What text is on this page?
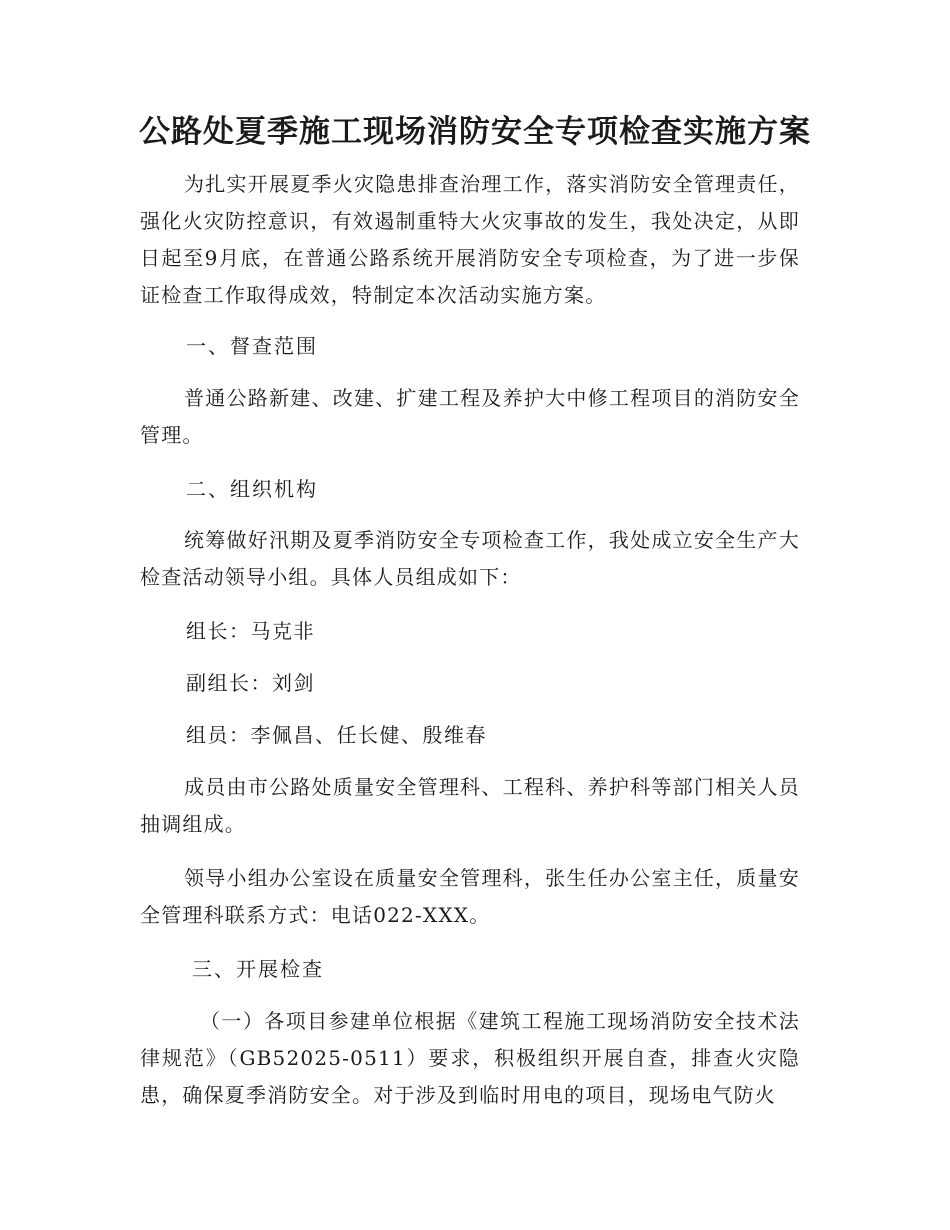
公路处夏季施工现场消防安全专项检查实施方案

为扎实开展夏季火灾隐患排查治理工作，落实消防安全管理责任，强化火灾防控意识，有效遏制重特大火灾事故的发生，我处决定，从即日起至9月底，在普通公路系统开展消防安全专项检查，为了进一步保证检查工作取得成效，特制定本次活动实施方案。

一、督查范围

普通公路新建、改建、扩建工程及养护大中修工程项目的消防安全管理。

二、组织机构

统筹做好汛期及夏季消防安全专项检查工作，我处成立安全生产大检查活动领导小组。具体人员组成如下：

组长：马克非

副组长：刘剑

组员：李佩昌、任长健、殷维春

成员由市公路处质量安全管理科、工程科、养护科等部门相关人员抽调组成。

领导小组办公室设在质量安全管理科，张生任办公室主任，质量安全管理科联系方式：电话022-XXX。

三、开展检查

（一）各项目参建单位根据《建筑工程施工现场消防安全技术法律规范》（GB52025-0511）要求，积极组织开展自查，排查火灾隐患，确保夏季消防安全。对于涉及到临时用电的项目，现场电气防火
